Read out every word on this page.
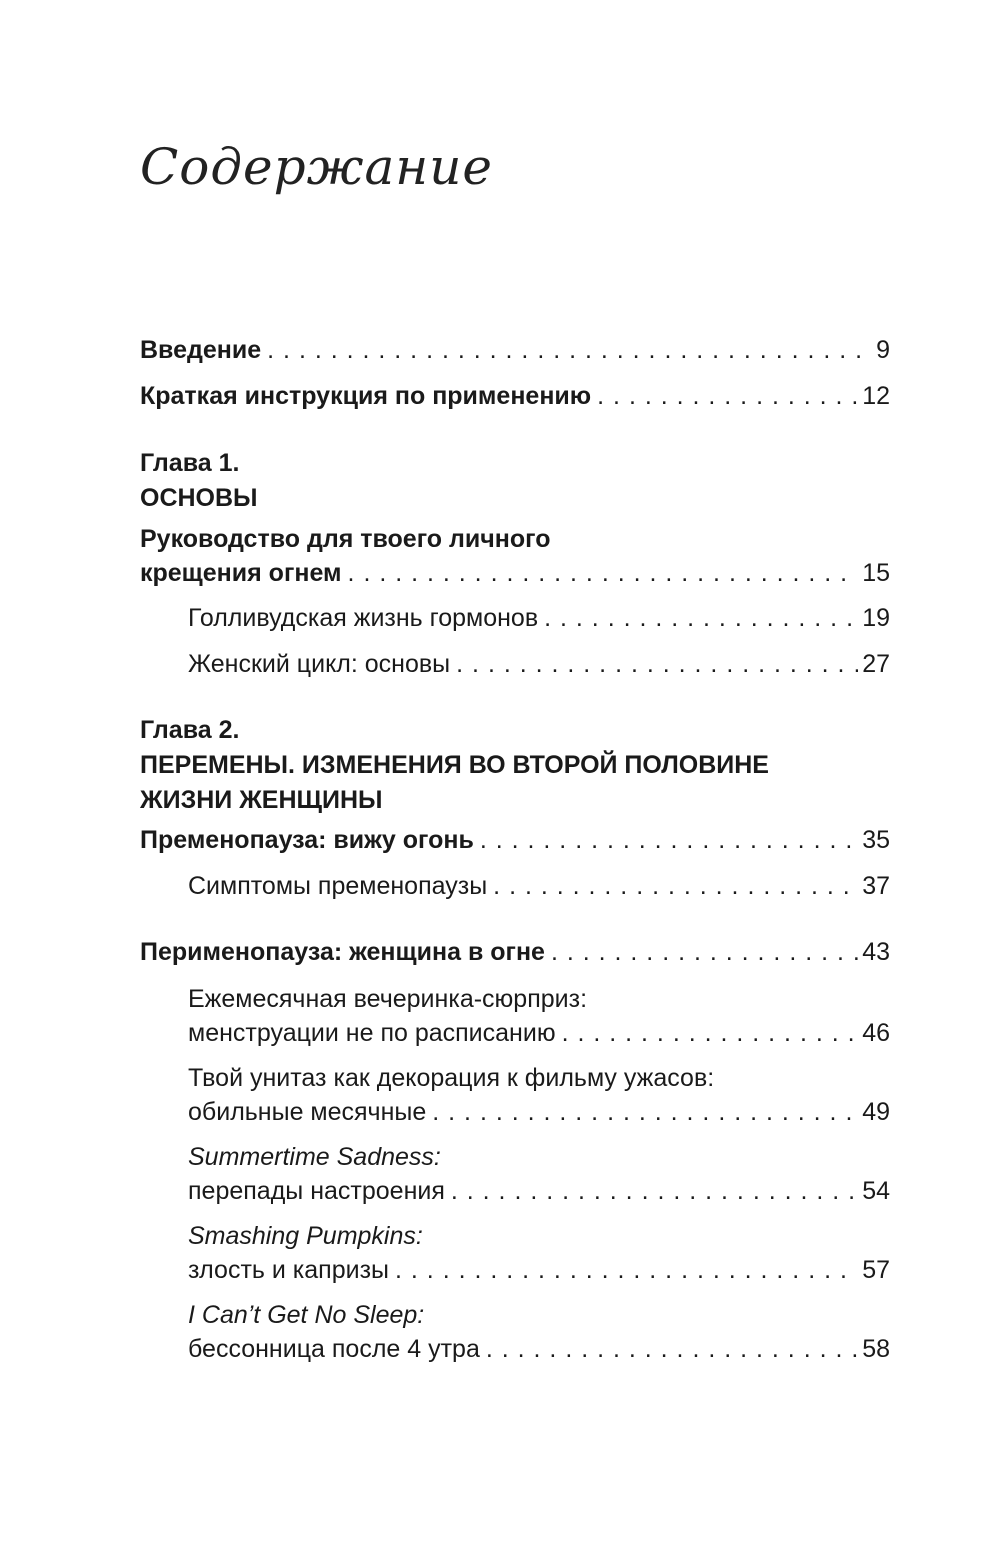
Содержание
Введение . . .	9
Краткая инструкция по применению . . .	12
Глава 1.
ОСНОВЫ
Руководство для твоего личного
крещения огнем . . .	15
Голливудская жизнь гормонов . . .	19
Женский цикл: основы . . .	27
Глава 2.
ПЕРЕМЕНЫ. ИЗМЕНЕНИЯ ВО ВТОРОЙ ПОЛОВИНЕ
ЖИЗНИ ЖЕНЩИНЫ
Пременопауза: вижу огонь . . .	35
Симптомы пременопаузы . . .	37
Перименопауза: женщина в огне . . .	43
Ежемесячная вечеринка-сюрприз:
менструации не по расписанию . . .	46
Твой унитаз как декорация к фильму ужасов:
обильные месячные . . .	49
Summertime Sadness:
перепады настроения . . .	54
Smashing Pumpkins:
злость и капризы . . .	57
I Can’t Get No Sleep:
бессонница после 4 утра . . .	58
